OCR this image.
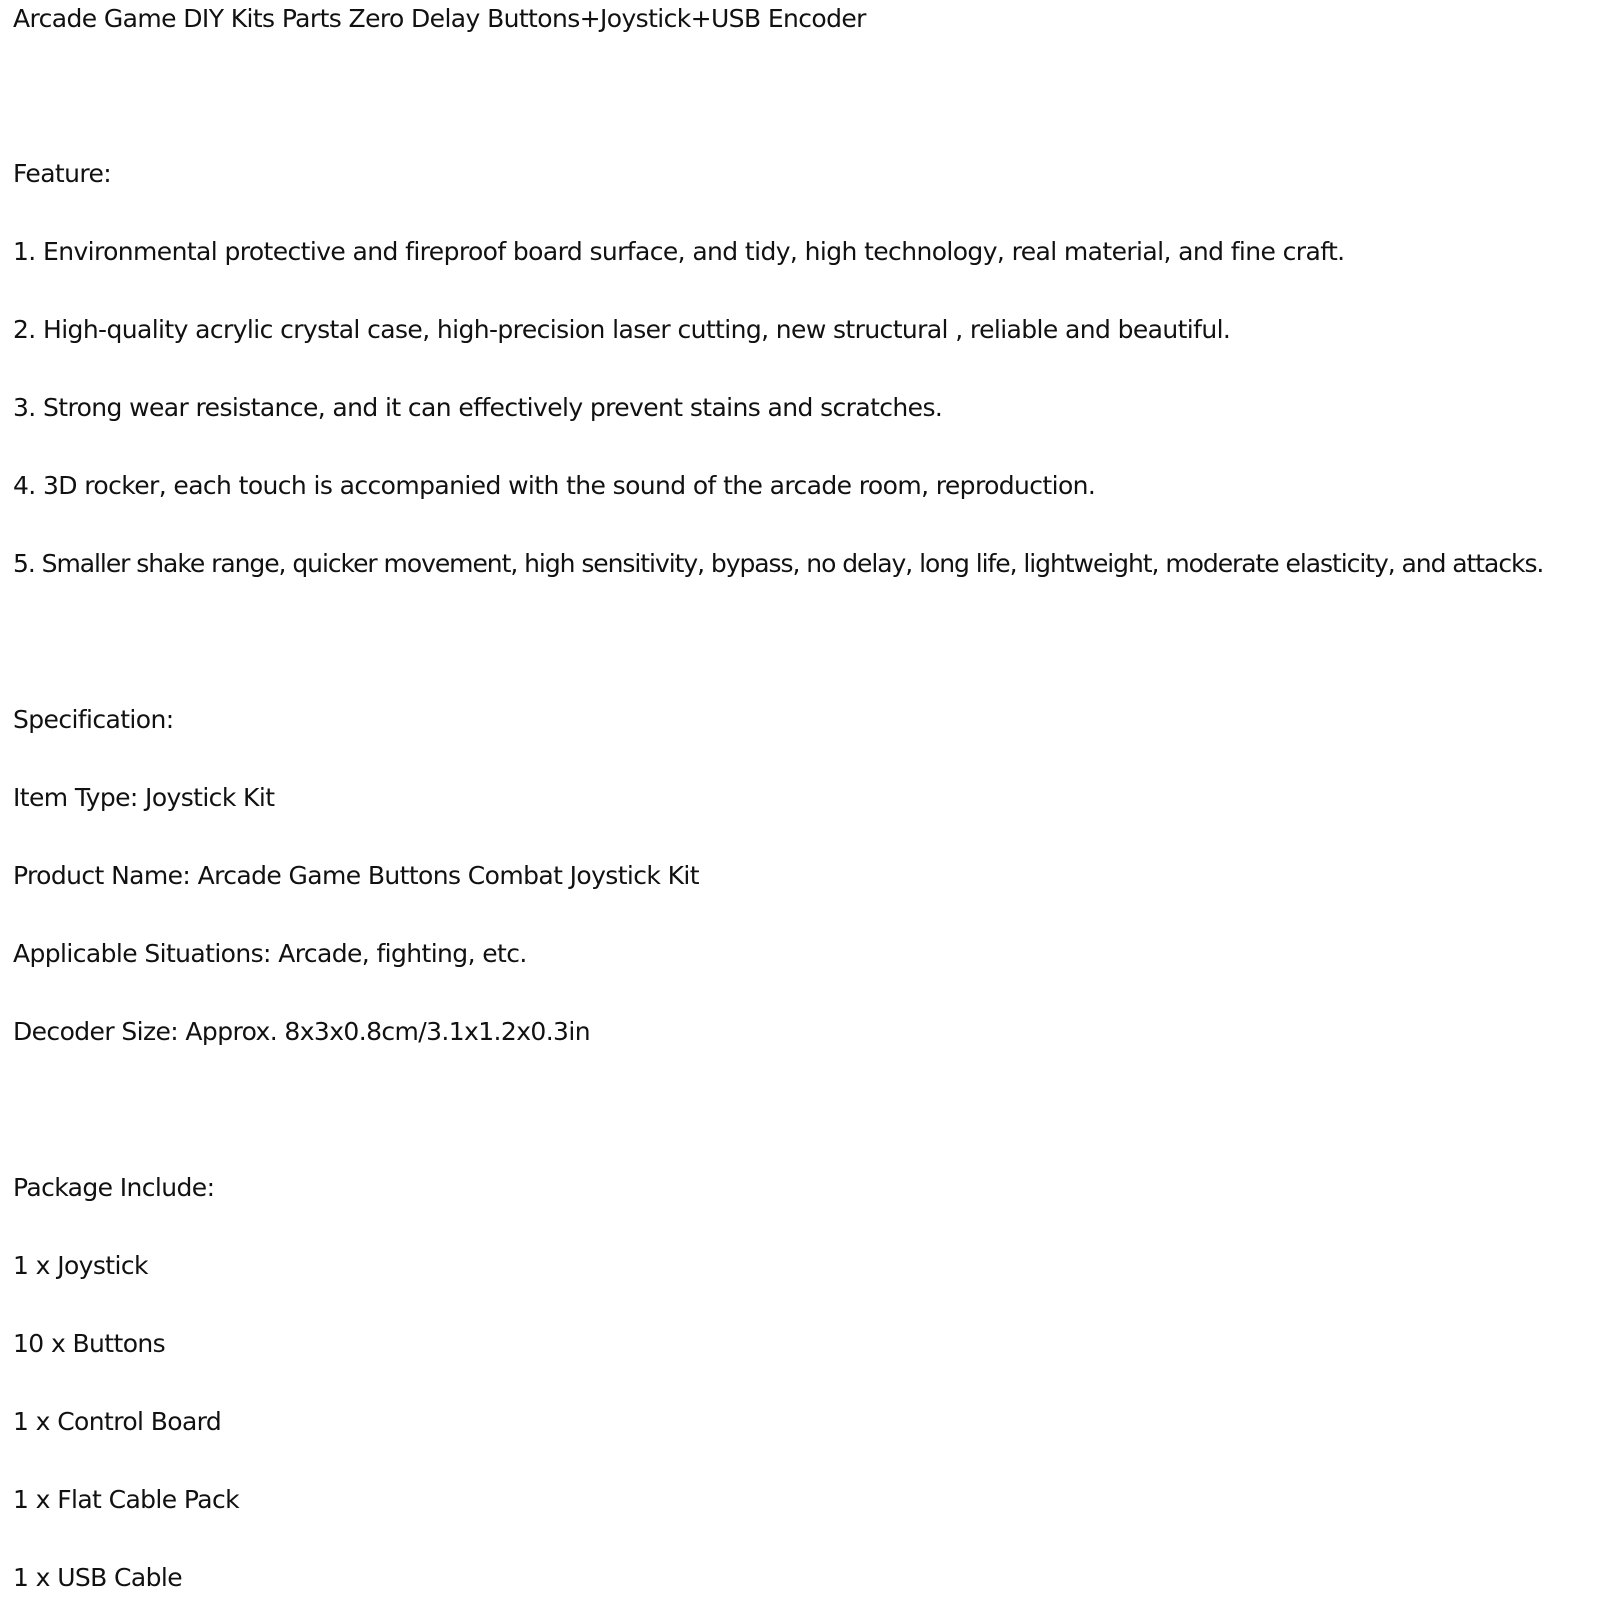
Arcade Game DIY Kits Parts Zero Delay Buttons+Joystick+USB Encoder
Feature:
1. Environmental protective and fireproof board surface, and tidy, high technology, real material, and fine craft.
2. High-quality acrylic crystal case, high-precision laser cutting, new structural , reliable and beautiful.
3. Strong wear resistance, and it can effectively prevent stains and scratches.
4. 3D rocker, each touch is accompanied with the sound of the arcade room, reproduction.
5. Smaller shake range, quicker movement, high sensitivity, bypass, no delay, long life, lightweight, moderate elasticity, and attacks.
Specification:
Item Type: Joystick Kit
Product Name: Arcade Game Buttons Combat Joystick Kit
Applicable Situations: Arcade, fighting, etc.
Decoder Size: Approx. 8x3x0.8cm/3.1x1.2x0.3in
Package Include:
1 x Joystick
10 x Buttons
1 x Control Board
1 x Flat Cable Pack
1 x USB Cable
